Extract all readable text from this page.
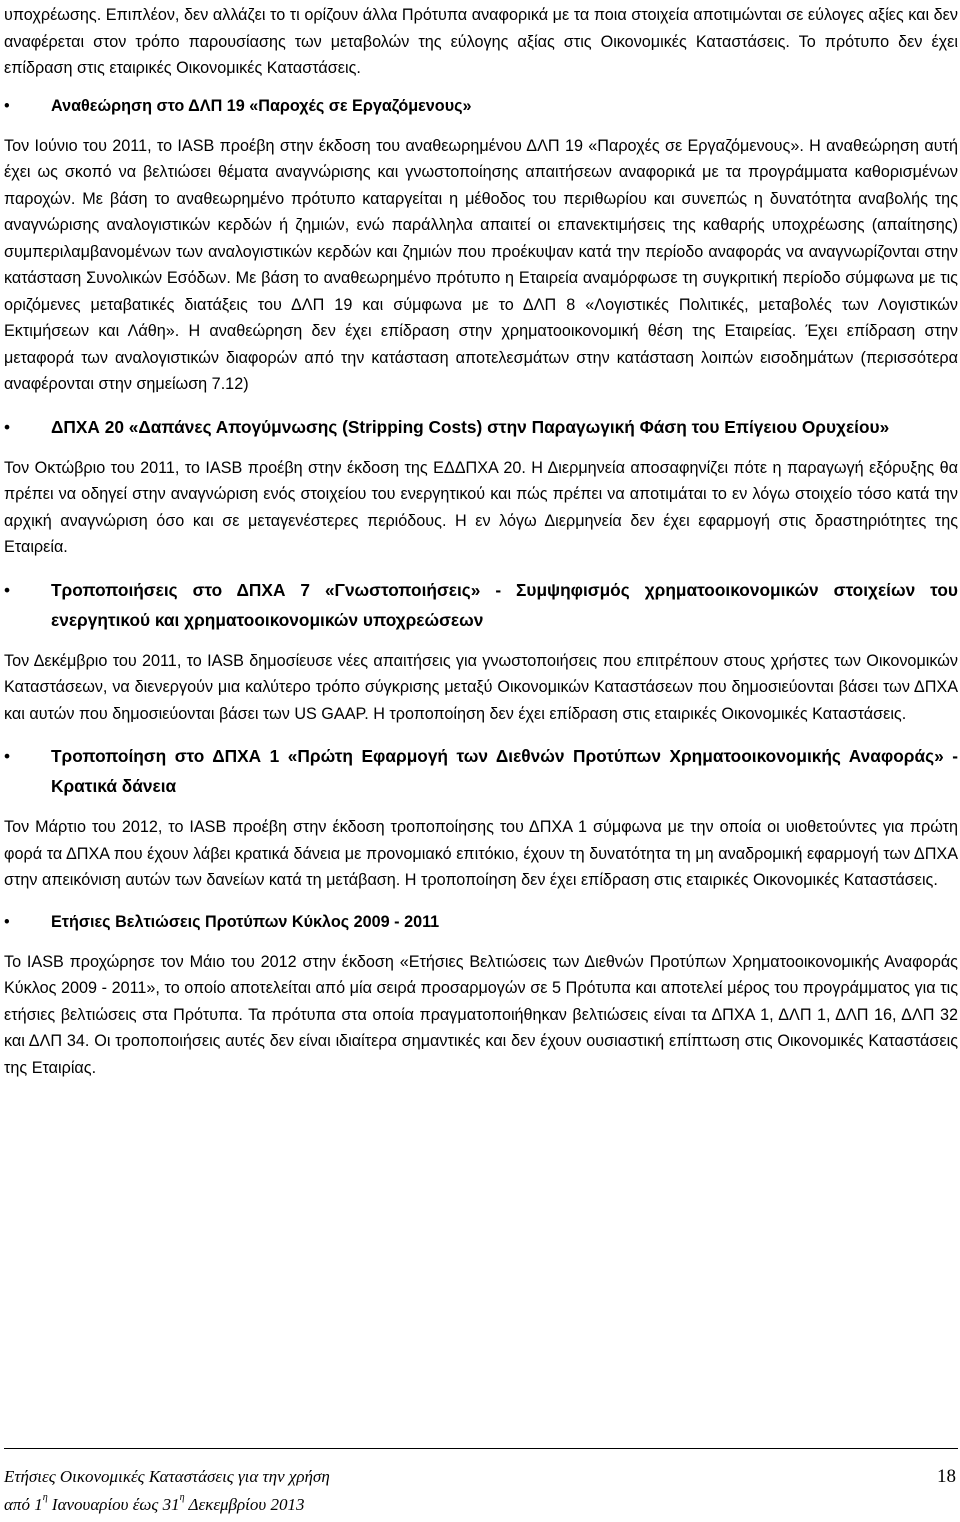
υποχρέωσης. Επιπλέον, δεν αλλάζει το τι ορίζουν άλλα Πρότυπα αναφορικά με τα ποια στοιχεία αποτιμώνται σε εύλογες αξίες και δεν αναφέρεται στον τρόπο παρουσίασης των μεταβολών της εύλογης αξίας στις Οικονομικές Καταστάσεις. Το πρότυπο δεν έχει επίδραση στις εταιρικές Οικονομικές Καταστάσεις.

•	Αναθεώρηση στο ΔΛΠ 19 «Παροχές σε Εργαζόμενους»

Τον Ιούνιο του 2011, το IASB προέβη στην έκδοση του αναθεωρημένου ΔΛΠ 19 «Παροχές σε Εργαζόμενους». Η αναθεώρηση αυτή έχει ως σκοπό να βελτιώσει θέματα αναγνώρισης και γνωστοποίησης απαιτήσεων αναφορικά με τα προγράμματα καθορισμένων παροχών. Με βάση το αναθεωρημένο πρότυπο καταργείται η μέθοδος του περιθωρίου και συνεπώς η δυνατότητα αναβολής της αναγνώρισης αναλογιστικών κερδών ή ζημιών, ενώ παράλληλα απαιτεί οι επανεκτιμήσεις της καθαρής υποχρέωσης (απαίτησης) συμπεριλαμβανομένων των αναλογιστικών κερδών και ζημιών που προέκυψαν κατά την περίοδο αναφοράς να αναγνωρίζονται στην κατάσταση Συνολικών Εσόδων. Με βάση το αναθεωρημένο πρότυπο η Εταιρεία αναμόρφωσε τη συγκριτική περίοδο σύμφωνα με τις οριζόμενες μεταβατικές διατάξεις του ΔΛΠ 19 και σύμφωνα με το ΔΛΠ 8 «Λογιστικές Πολιτικές, μεταβολές των Λογιστικών Εκτιμήσεων και Λάθη». Η αναθεώρηση δεν έχει επίδραση στην χρηματοοικονομική θέση της Εταιρείας. Έχει επίδραση στην μεταφορά των αναλογιστικών διαφορών από την κατάσταση αποτελεσμάτων στην κατάσταση λοιπών εισοδημάτων (περισσότερα αναφέρονται στην σημείωση 7.12)

•	ΔΠΧΑ 20 «Δαπάνες Απογύμνωσης (Stripping Costs) στην Παραγωγική Φάση του Επίγειου Ορυχείου»

Τον Οκτώβριο του 2011, το IASB προέβη στην έκδοση της ΕΔΔΠΧΑ 20. Η Διερμηνεία αποσαφηνίζει πότε η παραγωγή εξόρυξης θα πρέπει να οδηγεί στην αναγνώριση ενός στοιχείου του ενεργητικού και πώς πρέπει να αποτιμάται το εν λόγω στοιχείο τόσο κατά την αρχική αναγνώριση όσο και σε μεταγενέστερες περιόδους. Η εν λόγω Διερμηνεία δεν έχει εφαρμογή στις δραστηριότητες της Εταιρεία.

•	Τροποποιήσεις στο ΔΠΧΑ 7 «Γνωστοποιήσεις» - Συμψηφισμός χρηματοοικονομικών στοιχείων του ενεργητικού και χρηματοοικονομικών υποχρεώσεων

Τον Δεκέμβριο του 2011, το IASB δημοσίευσε νέες απαιτήσεις για γνωστοποιήσεις που επιτρέπουν στους χρήστες των Οικονομικών Καταστάσεων, να διενεργούν μια καλύτερο τρόπο σύγκρισης μεταξύ Οικονομικών Καταστάσεων που δημοσιεύονται βάσει των ΔΠΧΑ και αυτών που δημοσιεύονται βάσει των US GAAP. Η τροποποίηση δεν έχει επίδραση στις εταιρικές Οικονομικές Καταστάσεις.

•	Τροποποίηση στο ΔΠΧΑ 1 «Πρώτη Εφαρμογή των Διεθνών Προτύπων Χρηματοοικονομικής Αναφοράς» - Κρατικά δάνεια

Τον Μάρτιο του 2012, το IASB προέβη στην έκδοση τροποποίησης του ΔΠΧΑ 1 σύμφωνα με την οποία οι υιοθετούντες για πρώτη φορά τα ΔΠΧΑ που έχουν λάβει κρατικά δάνεια με προνομιακό επιτόκιο, έχουν τη δυνατότητα τη μη αναδρομική εφαρμογή των ΔΠΧΑ στην απεικόνιση αυτών των δανείων κατά τη μετάβαση. Η τροποποίηση δεν έχει επίδραση στις εταιρικές Οικονομικές Καταστάσεις.

•	Ετήσιες Βελτιώσεις Προτύπων Κύκλος 2009 - 2011

Το IASB προχώρησε τον Μάιο του 2012 στην έκδοση «Ετήσιες Βελτιώσεις των Διεθνών Προτύπων Χρηματοοικονομικής Αναφοράς Κύκλος 2009 - 2011», το οποίο αποτελείται από μία σειρά προσαρμογών σε 5 Πρότυπα και αποτελεί μέρος του προγράμματος για τις ετήσιες βελτιώσεις στα Πρότυπα. Τα πρότυπα στα οποία πραγματοποιήθηκαν βελτιώσεις είναι τα ΔΠΧΑ 1, ΔΛΠ 1, ΔΛΠ 16, ΔΛΠ 32 και ΔΛΠ 34. Οι τροποποιήσεις αυτές δεν είναι ιδιαίτερα σημαντικές και δεν έχουν ουσιαστική επίπτωση στις Οικονομικές Καταστάσεις της Εταιρίας.

Ετήσιες Οικονομικές Καταστάσεις για την χρήση
από $1^\eta$ Ιανουαρίου έως $31^\eta$ Δεκεμβρίου 2013
18
